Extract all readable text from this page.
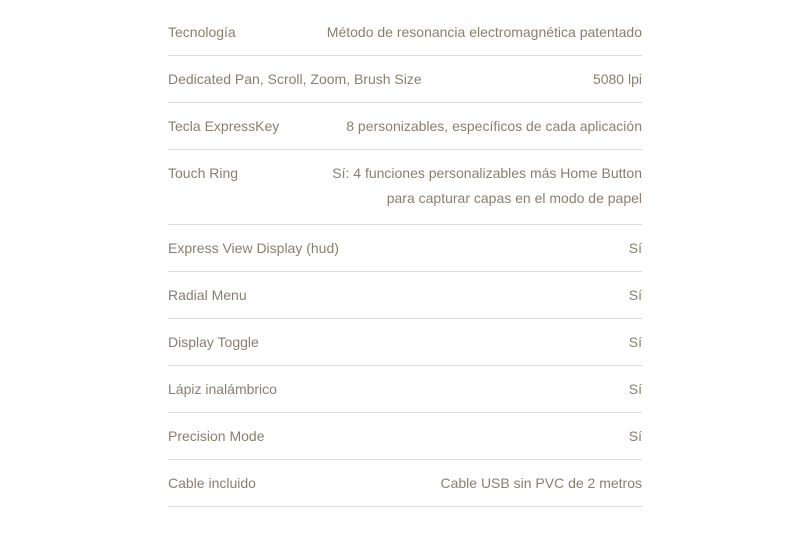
Tecnología	Método de resonancia electromagnética patentado
Dedicated Pan, Scroll, Zoom, Brush Size	5080 lpi
Tecla ExpressKey	8 personizables, específicos de cada aplicación
Touch Ring	Sí: 4 funciones personalizables más Home Button
para capturar capas en el modo de papel
Express View Display (hud)	Sí
Radial Menu	Sí
Display Toggle	Sí
Lápiz inalámbrico	Sí
Precision Mode	Sí
Cable incluido	Cable USB sin PVC de 2 metros
